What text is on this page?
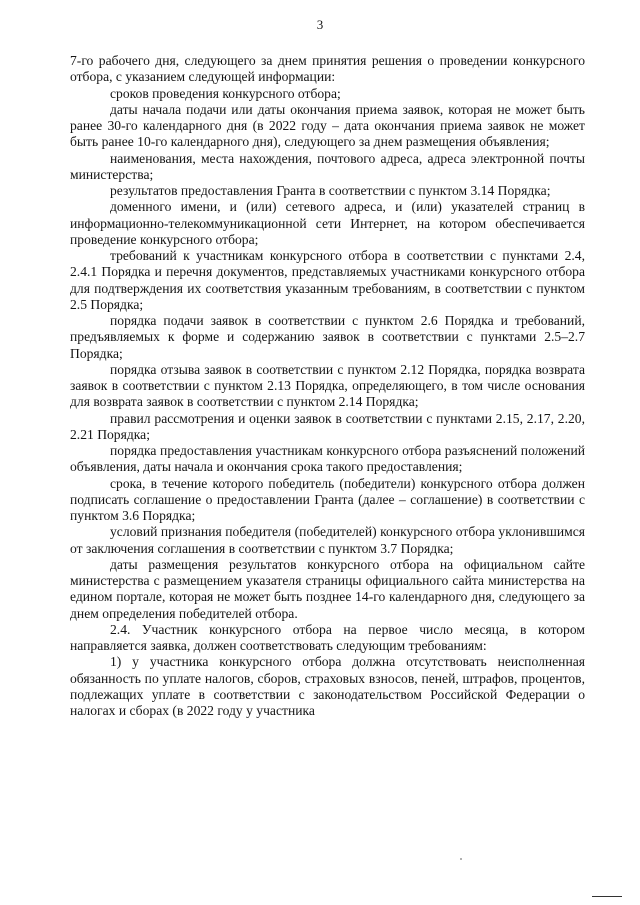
3

7-го рабочего дня, следующего за днем принятия решения о проведении конкурсного отбора, с указанием следующей информации:

сроков проведения конкурсного отбора;

даты начала подачи или даты окончания приема заявок, которая не может быть ранее 30-го календарного дня (в 2022 году – дата окончания приема заявок не может быть ранее 10-го календарного дня), следующего за днем размещения объявления;

наименования, места нахождения, почтового адреса, адреса электронной почты министерства;

результатов предоставления Гранта в соответствии с пунктом 3.14 Порядка;

доменного имени, и (или) сетевого адреса, и (или) указателей страниц в информационно-телекоммуникационной сети Интернет, на котором обеспечивается проведение конкурсного отбора;

требований к участникам конкурсного отбора в соответствии с пунктами 2.4, 2.4.1 Порядка и перечня документов, представляемых участниками конкурсного отбора для подтверждения их соответствия указанным требованиям, в соответствии с пунктом 2.5 Порядка;

порядка подачи заявок в соответствии с пунктом 2.6 Порядка и требований, предъявляемых к форме и содержанию заявок в соответствии с пунктами 2.5–2.7 Порядка;

порядка отзыва заявок в соответствии с пунктом 2.12 Порядка, порядка возврата заявок в соответствии с пунктом 2.13 Порядка, определяющего, в том числе основания для возврата заявок в соответствии с пунктом 2.14 Порядка;

правил рассмотрения и оценки заявок в соответствии с пунктами 2.15, 2.17, 2.20, 2.21 Порядка;

порядка предоставления участникам конкурсного отбора разъяснений положений объявления, даты начала и окончания срока такого предоставления;

срока, в течение которого победитель (победители) конкурсного отбора должен подписать соглашение о предоставлении Гранта (далее – соглашение) в соответствии с пунктом 3.6 Порядка;

условий признания победителя (победителей) конкурсного отбора уклонившимся от заключения соглашения в соответствии с пунктом 3.7 Порядка;

даты размещения результатов конкурсного отбора на официальном сайте министерства с размещением указателя страницы официального сайта министерства на едином портале, которая не может быть позднее 14-го календарного дня, следующего за днем определения победителей отбора.

2.4. Участник конкурсного отбора на первое число месяца, в котором направляется заявка, должен соответствовать следующим требованиям:

1) у участника конкурсного отбора должна отсутствовать неисполненная обязанность по уплате налогов, сборов, страховых взносов, пеней, штрафов, процентов, подлежащих уплате в соответствии с законодательством Российской Федерации о налогах и сборах (в 2022 году у участника
